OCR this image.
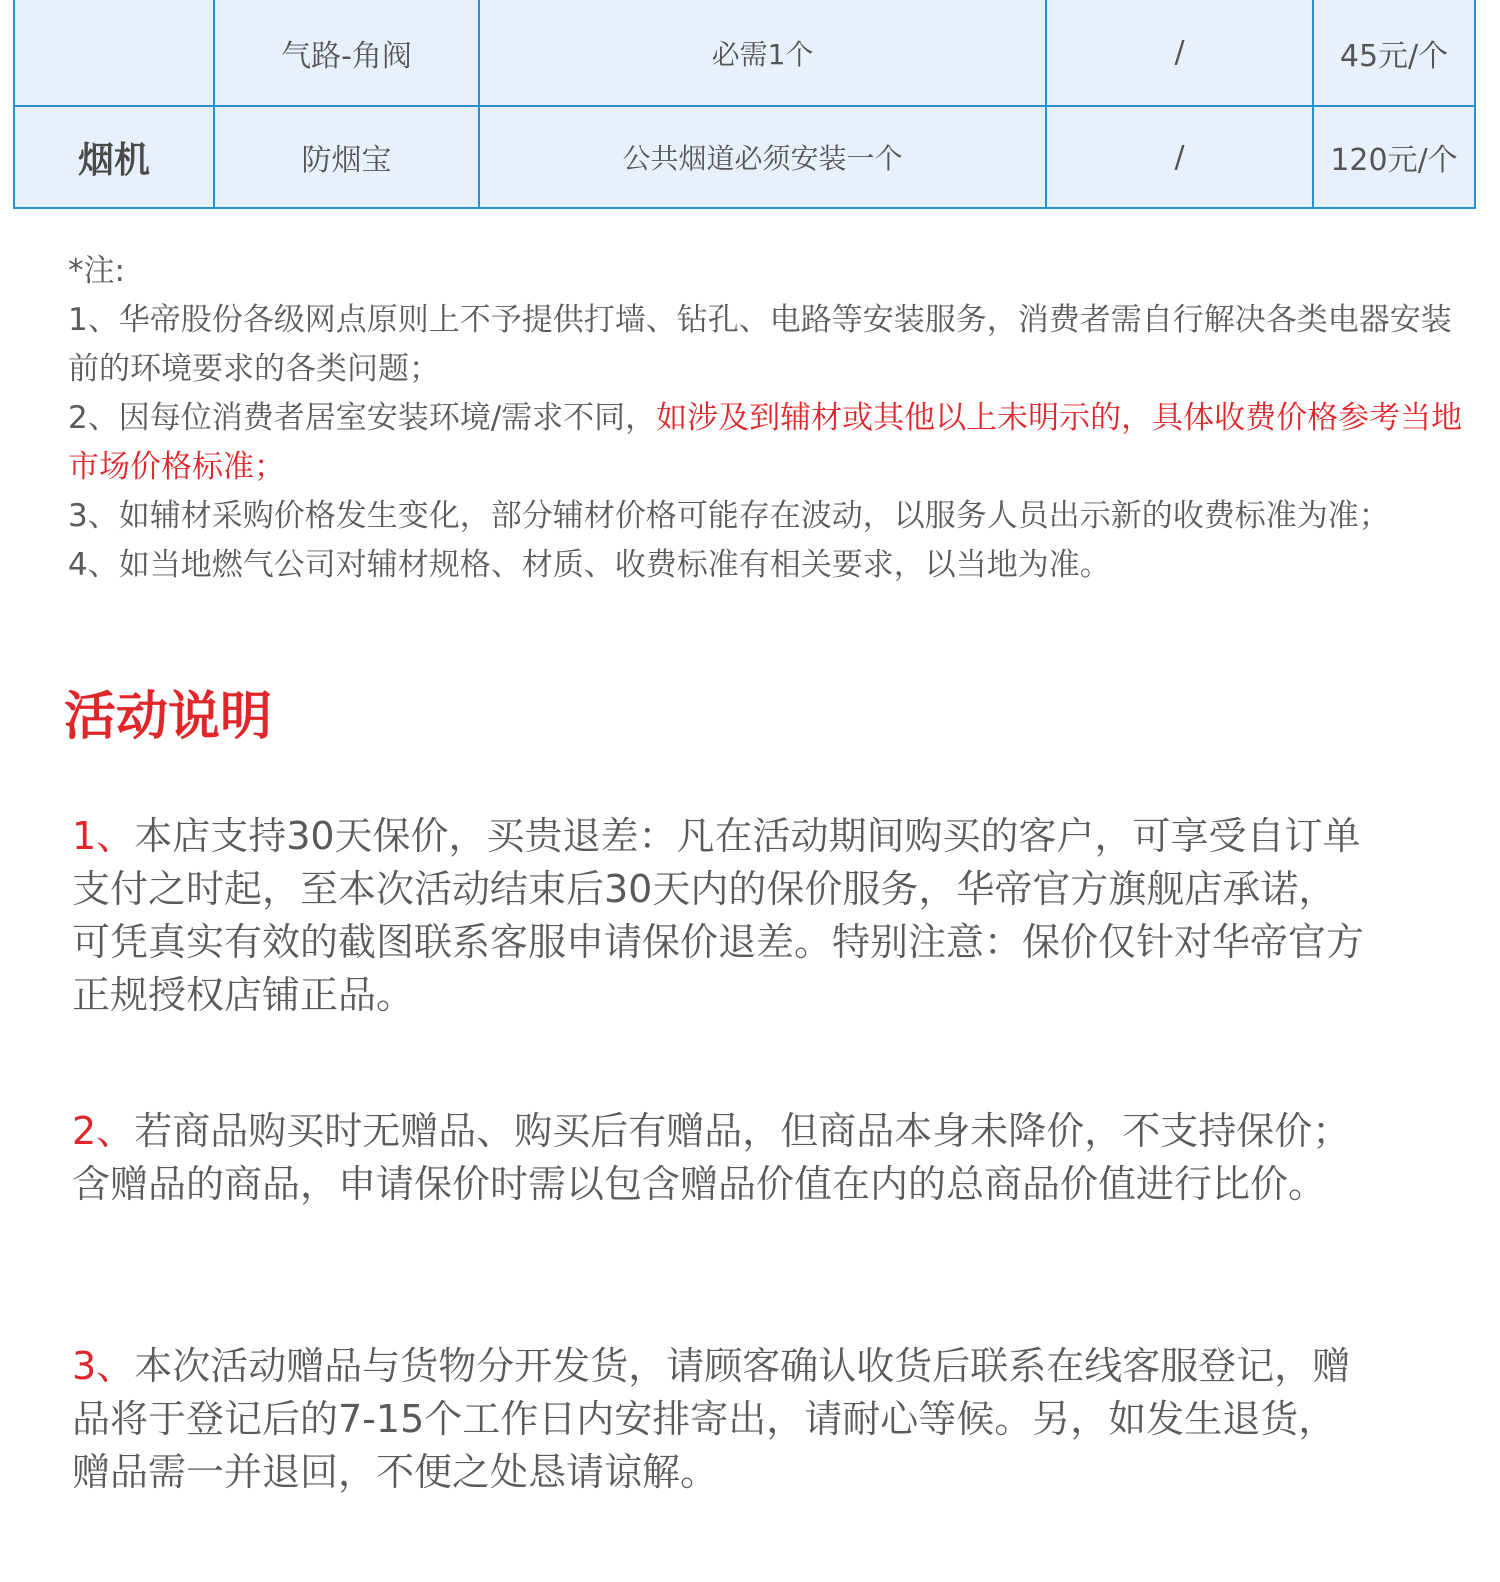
	气路-角阀	必需1个	/	45元/个
烟机	防烟宝	公共烟道必须安装一个	/	120元/个

*注:

1、华帝股份各级网点原则上不予提供打墙、钻孔、电路等安装服务，消费者需自行解决各类电器安装前的环境要求的各类问题；

2、因每位消费者居室安装环境/需求不同，如涉及到辅材或其他以上未明示的，具体收费价格参考当地市场价格标准；

3、如辅材采购价格发生变化，部分辅材价格可能存在波动，以服务人员出示新的收费标准为准；

4、如当地燃气公司对辅材规格、材质、收费标准有相关要求，以当地为准。

活动说明

1、本店支持30天保价，买贵退差：凡在活动期间购买的客户，可享受自订单支付之时起，至本次活动结束后30天内的保价服务，华帝官方旗舰店承诺，可凭真实有效的截图联系客服申请保价退差。特别注意：保价仅针对华帝官方正规授权店铺正品。

2、若商品购买时无赠品、购买后有赠品，但商品本身未降价，不支持保价；含赠品的商品，申请保价时需以包含赠品价值在内的总商品价值进行比价。

3、本次活动赠品与货物分开发货，请顾客确认收货后联系在线客服登记，赠品将于登记后的7-15个工作日内安排寄出，请耐心等候。另，如发生退货，赠品需一并退回，不便之处恳请谅解。
